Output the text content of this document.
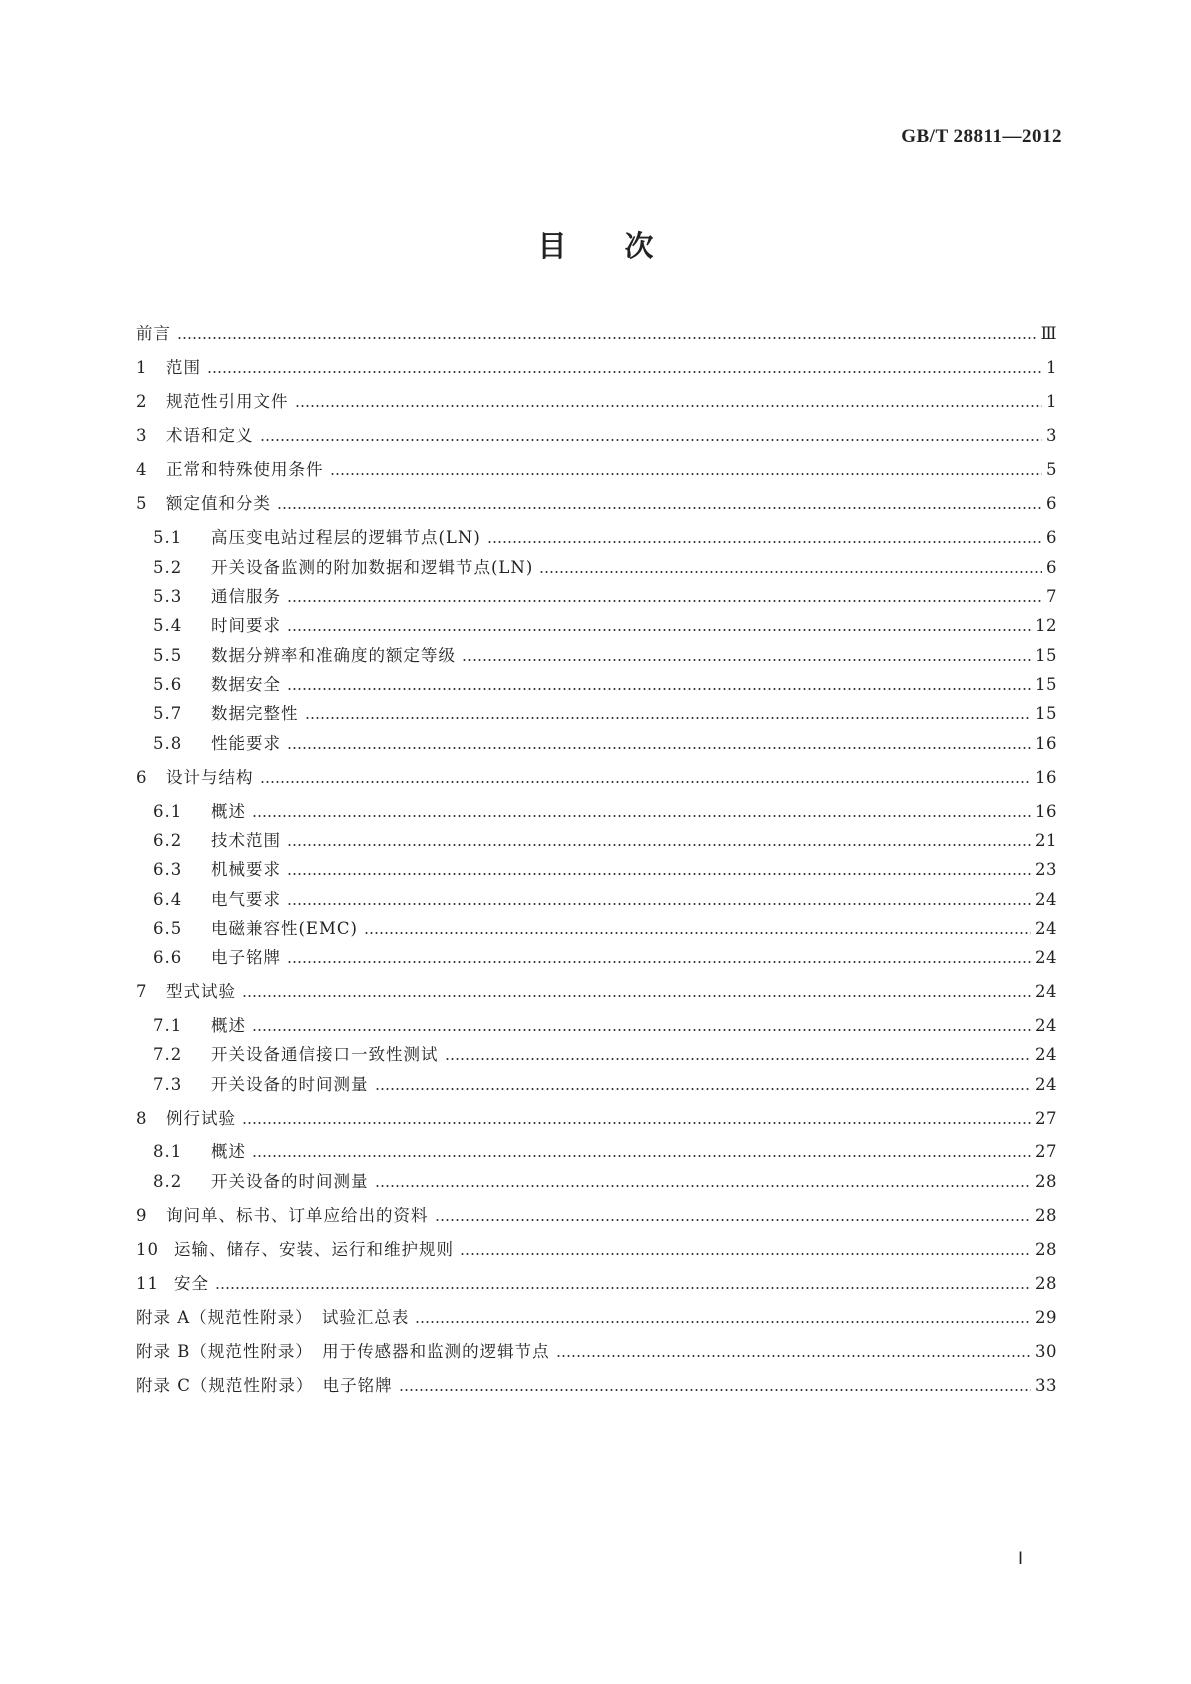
GB/T 28811—2012
目次
前言	Ⅲ
1	范围	1
2	规范性引用文件	1
3	术语和定义	3
4	正常和特殊使用条件	5
5	额定值和分类	6
5.1	高压变电站过程层的逻辑节点(LN)	6
5.2	开关设备监测的附加数据和逻辑节点(LN)	6
5.3	通信服务	7
5.4	时间要求	12
5.5	数据分辨率和准确度的额定等级	15
5.6	数据安全	15
5.7	数据完整性	15
5.8	性能要求	16
6	设计与结构	16
6.1	概述	16
6.2	技术范围	21
6.3	机械要求	23
6.4	电气要求	24
6.5	电磁兼容性(EMC)	24
6.6	电子铭牌	24
7	型式试验	24
7.1	概述	24
7.2	开关设备通信接口一致性测试	24
7.3	开关设备的时间测量	24
8	例行试验	27
8.1	概述	27
8.2	开关设备的时间测量	28
9	询问单、标书、订单应给出的资料	28
10 运输、储存、安装、运行和维护规则	28
11 安全	28
附录 A（规范性附录）　试验汇总表	29
附录 B（规范性附录）　用于传感器和监测的逻辑节点	30
附录 C（规范性附录）　电子铭牌	33
Ⅰ
